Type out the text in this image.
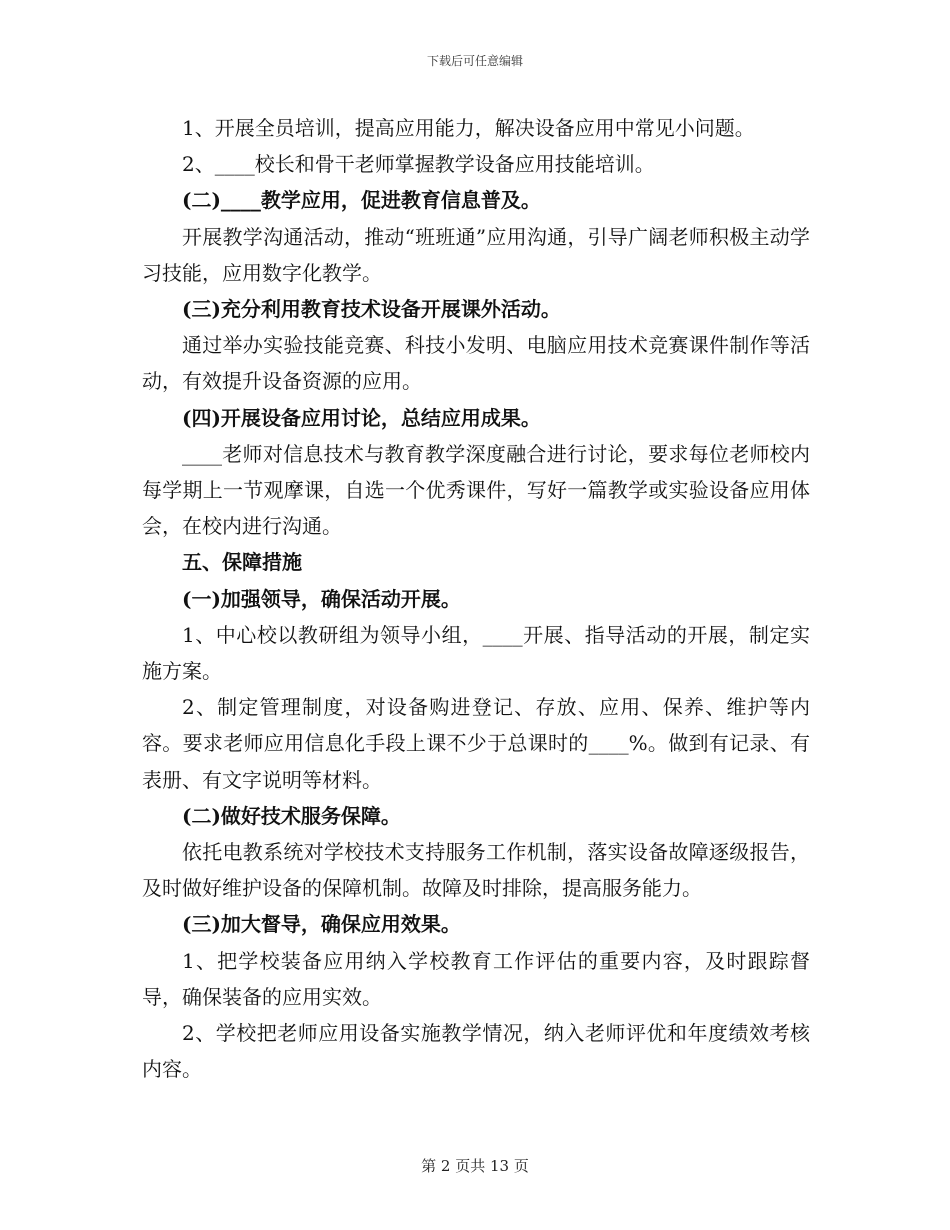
下载后可任意编辑

1、开展全员培训，提高应用能力，解决设备应用中常见小问题。

2、____校长和骨干老师掌握教学设备应用技能培训。

(二)____教学应用，促进教育信息普及。

开展教学沟通活动，推动“班班通”应用沟通，引导广阔老师积极主动学习技能，应用数字化教学。

(三)充分利用教育技术设备开展课外活动。

通过举办实验技能竞赛、科技小发明、电脑应用技术竞赛课件制作等活动，有效提升设备资源的应用。

(四)开展设备应用讨论，总结应用成果。

____老师对信息技术与教育教学深度融合进行讨论，要求每位老师校内每学期上一节观摩课，自选一个优秀课件，写好一篇教学或实验设备应用体会，在校内进行沟通。

五、保障措施

(一)加强领导，确保活动开展。

1、中心校以教研组为领导小组，____开展、指导活动的开展，制定实施方案。

2、制定管理制度，对设备购进登记、存放、应用、保养、维护等内容。要求老师应用信息化手段上课不少于总课时的____%。做到有记录、有表册、有文字说明等材料。

(二)做好技术服务保障。

依托电教系统对学校技术支持服务工作机制，落实设备故障逐级报告，及时做好维护设备的保障机制。故障及时排除，提高服务能力。

(三)加大督导，确保应用效果。

1、把学校装备应用纳入学校教育工作评估的重要内容，及时跟踪督导，确保装备的应用实效。

2、学校把老师应用设备实施教学情况，纳入老师评优和年度绩效考核内容。

第 2 页共 13 页
